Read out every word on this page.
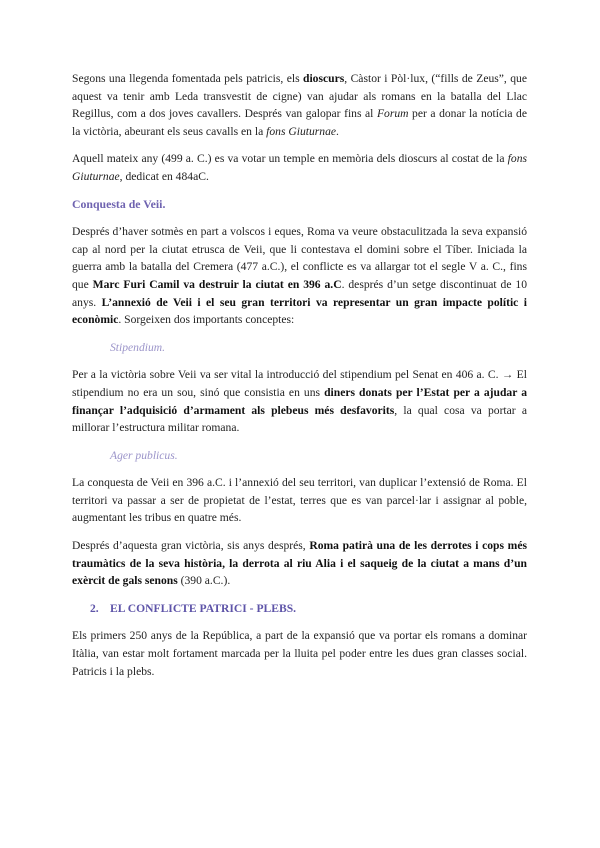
Segons una llegenda fomentada pels patricis, els dioscurs, Càstor i Pòl·lux, (“fills de Zeus”, que aquest va tenir amb Leda transvestit de cigne) van ajudar als romans en la batalla del Llac Regillus, com a dos joves cavallers. Després van galopar fins al Forum per a donar la notícia de la victòria, abeurant els seus cavalls en la fons Giuturnae.

Aquell mateix any (499 a. C.) es va votar un temple en memòria dels dioscurs al costat de la fons Giuturnae, dedicat en 484aC.

Conquesta de Veii.

Després d’haver sotmès en part a volscos i eques, Roma va veure obstaculitzada la seva expansió cap al nord per la ciutat etrusca de Veii, que li contestava el domini sobre el Tíber. Iniciada la guerra amb la batalla del Cremera (477 a.C.), el conflicte es va allargar tot el segle V a. C., fins que Marc Furi Camil va destruir la ciutat en 396 a.C. després d’un setge discontinuat de 10 anys. L’annexió de Veii i el seu gran territori va representar un gran impacte polític i econòmic. Sorgeixen dos importants conceptes:

Stipendium.

Per a la victòria sobre Veii va ser vital la introducció del stipendium pel Senat en 406 a. C. → El stipendium no era un sou, sinó que consistia en uns diners donats per l’Estat per a ajudar a finançar l’adquisició d’armament als plebeus més desfavorits, la qual cosa va portar a millorar l’estructura militar romana.

Ager publicus.

La conquesta de Veii en 396 a.C. i l’annexió del seu territori, van duplicar l’extensió de Roma. El territori va passar a ser de propietat de l’estat, terres que es van parcel·lar i assignar al poble, augmentant les tribus en quatre més.

Després d’aquesta gran victòria, sis anys després, Roma patirà una de les derrotes i cops més traumàtics de la seva història, la derrota al riu Alia i el saqueig de la ciutat a mans d’un exèrcit de gals senons (390 a.C.).

2. EL CONFLICTE PATRICI - PLEBS.

Els primers 250 anys de la República, a part de la expansió que va portar els romans a dominar Itàlia, van estar molt fortament marcada per la lluita pel poder entre les dues gran classes social. Patricis i la plebs.
